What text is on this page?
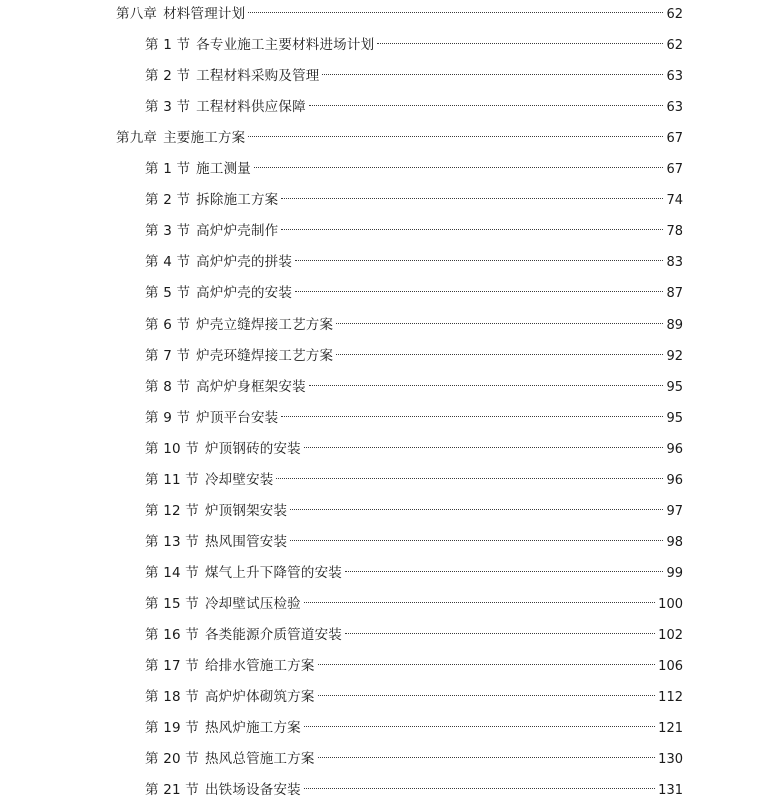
第八章 材料管理计划	62
第 1 节 各专业施工主要材料进场计划	62
第 2 节 工程材料采购及管理	63
第 3 节 工程材料供应保障	63
第九章 主要施工方案	67
第 1 节 施工测量	67
第 2 节 拆除施工方案	74
第 3 节 高炉炉壳制作	78
第 4 节 高炉炉壳的拼装	83
第 5 节 高炉炉壳的安装	87
第 6 节 炉壳立缝焊接工艺方案	89
第 7 节 炉壳环缝焊接工艺方案	92
第 8 节 高炉炉身框架安装	95
第 9 节 炉顶平台安装	95
第 10 节 炉顶钢砖的安装	96
第 11 节 冷却壁安装	96
第 12 节 炉顶钢架安装	97
第 13 节 热风围管安装	98
第 14 节 煤气上升下降管的安装	99
第 15 节 冷却壁试压检验	100
第 16 节 各类能源介质管道安装	102
第 17 节 给排水管施工方案	106
第 18 节 高炉炉体砌筑方案	112
第 19 节 热风炉施工方案	121
第 20 节 热风总管施工方案	130
第 21 节 出铁场设备安装	131
